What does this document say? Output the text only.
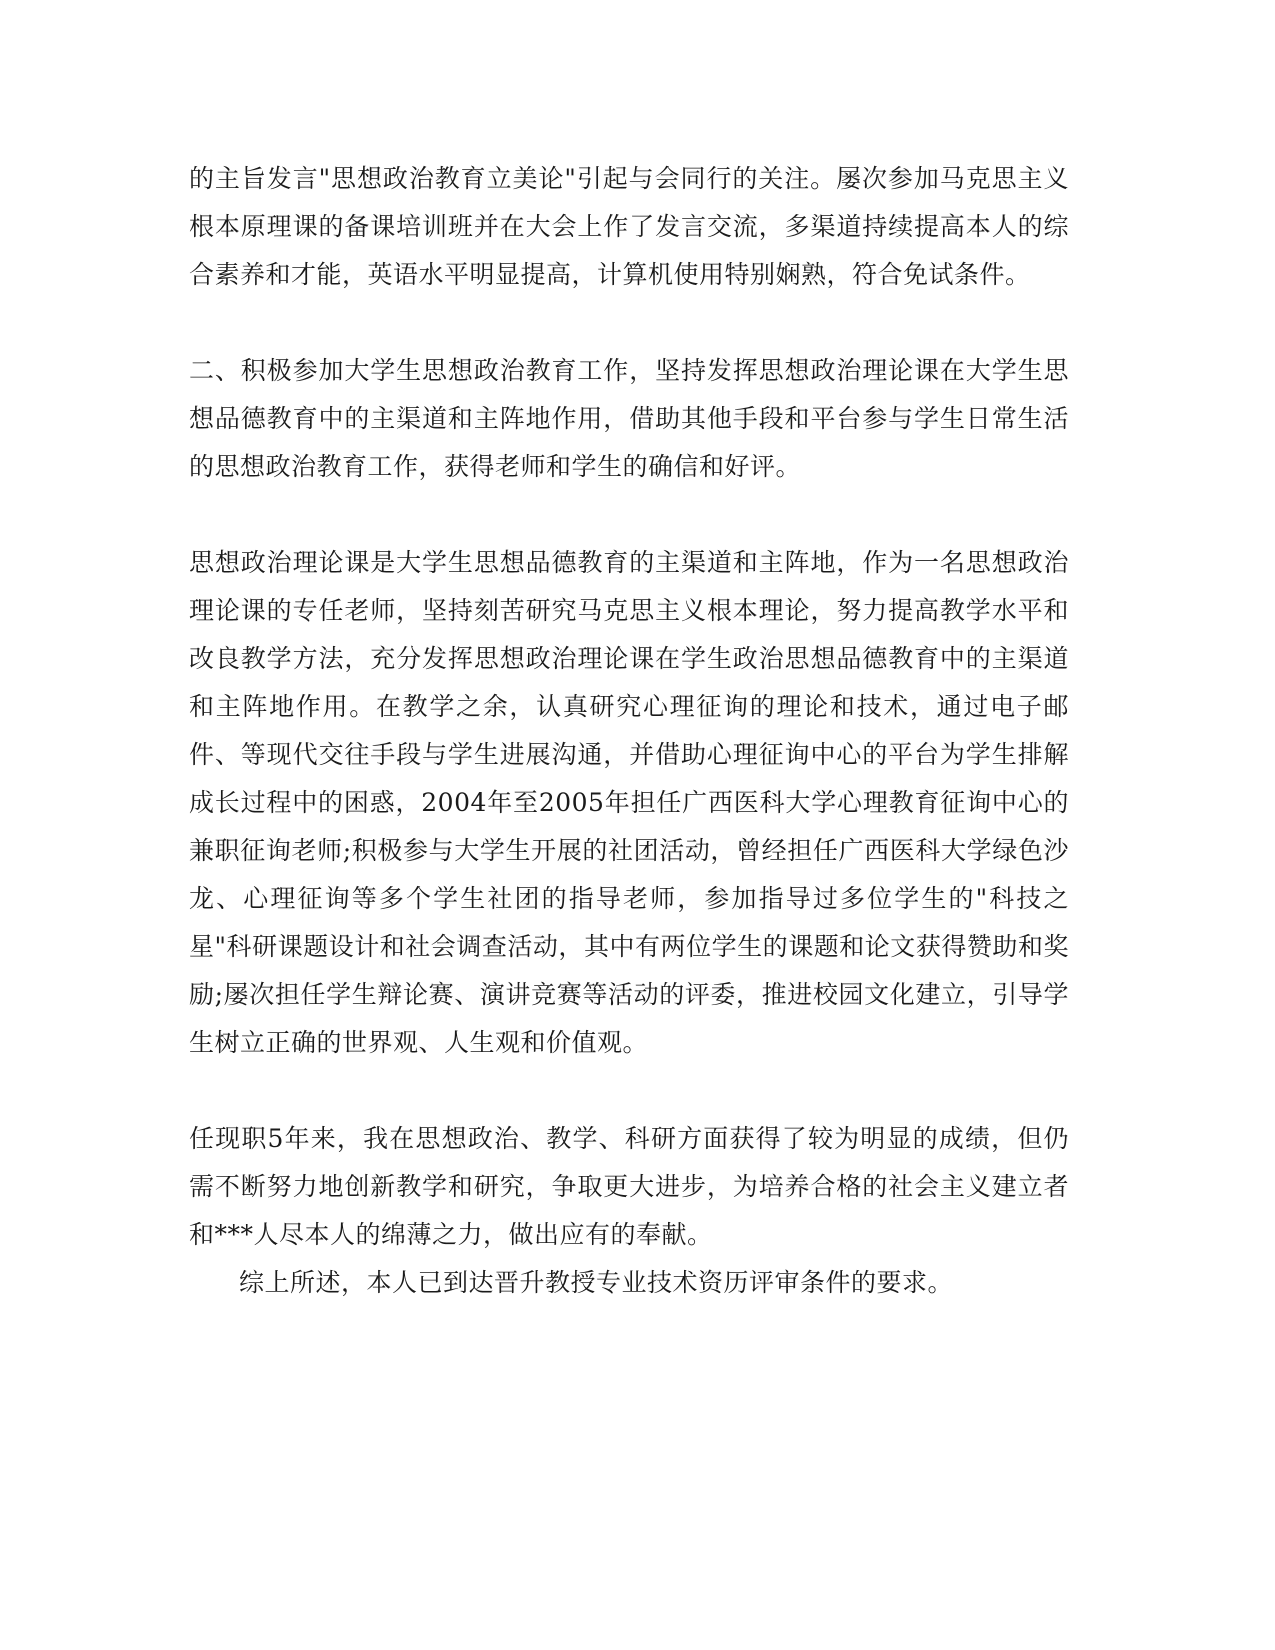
的主旨发言"思想政治教育立美论"引起与会同行的关注。屡次参加马克思主义根本原理课的备课培训班并在大会上作了发言交流，多渠道持续提高本人的综合素养和才能，英语水平明显提高，计算机使用特别娴熟，符合免试条件。

二、积极参加大学生思想政治教育工作，坚持发挥思想政治理论课在大学生思想品德教育中的主渠道和主阵地作用，借助其他手段和平台参与学生日常生活的思想政治教育工作，获得老师和学生的确信和好评。

思想政治理论课是大学生思想品德教育的主渠道和主阵地，作为一名思想政治理论课的专任老师，坚持刻苦研究马克思主义根本理论，努力提高教学水平和改良教学方法，充分发挥思想政治理论课在学生政治思想品德教育中的主渠道和主阵地作用。在教学之余，认真研究心理征询的理论和技术，通过电子邮件、等现代交往手段与学生进展沟通，并借助心理征询中心的平台为学生排解成长过程中的困惑，2004年至2005年担任广西医科大学心理教育征询中心的兼职征询老师;积极参与大学生开展的社团活动，曾经担任广西医科大学绿色沙龙、心理征询等多个学生社团的指导老师，参加指导过多位学生的"科技之星"科研课题设计和社会调查活动，其中有两位学生的课题和论文获得赞助和奖励;屡次担任学生辩论赛、演讲竞赛等活动的评委，推进校园文化建立，引导学生树立正确的世界观、人生观和价值观。

任现职5年来，我在思想政治、教学、科研方面获得了较为明显的成绩，但仍需不断努力地创新教学和研究，争取更大进步，为培养合格的社会主义建立者和***人尽本人的绵薄之力，做出应有的奉献。

综上所述，本人已到达晋升教授专业技术资历评审条件的要求。
